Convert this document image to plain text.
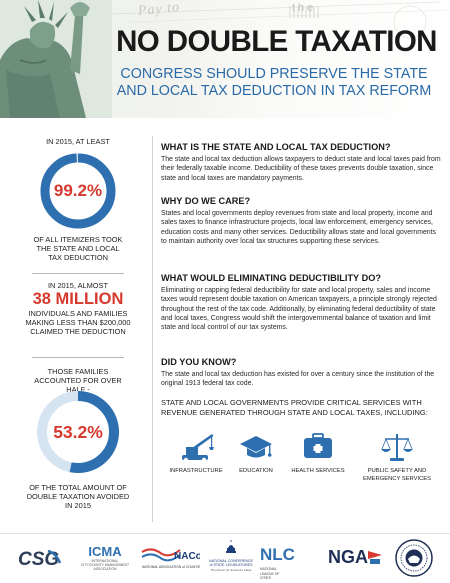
Pay to	the
NO DOUBLE TAXATION
CONGRESS SHOULD PRESERVE THE STATE
AND LOCAL TAX DEDUCTION IN TAX REFORM
IN 2015, AT LEAST
99.2%
OF ALL ITEMIZERS TOOK THE STATE AND LOCAL TAX DEDUCTION
IN 2015, ALMOST
38 MILLION
INDIVIDUALS AND FAMILIES MAKING LESS THAN $200,000 CLAIMED THE DEDUCTION
THOSE FAMILIES ACCOUNTED FOR OVER HALF -
53.2%
OF THE TOTAL AMOUNT OF DOUBLE TAXATION AVOIDED IN 2015
WHAT IS THE STATE AND LOCAL TAX DEDUCTION?

The state and local tax deduction allows taxpayers to deduct state and local taxes paid from their federally taxable income. Deductibility of these taxes prevents double taxation, since state and local taxes are mandatory payments.

WHY DO WE CARE?

States and local governments deploy revenues from state and local property, income and sales taxes to finance infrastructure projects, local law enforcement, emergency services, education costs and many other services. Deductibility allows state and local governments to maintain authority over local tax structures supporting these services.

WHAT WOULD ELIMINATING DEDUCTIBILITY DO?

Eliminating or capping federal deductibility for state and local property, sales and income taxes would represent double taxation on American taxpayers, a principle strongly rejected throughout the rest of the tax code. Additionally, by eliminating federal deductibility of state and local taxes, Congress would shift the intergovernmental balance of taxation and limit state and local control of our tax systems.

DID YOU KNOW?

The state and local tax deduction has existed for over a century since the institution of the original 1913 federal tax code.

STATE AND LOCAL GOVERNMENTS PROVIDE CRITICAL SERVICES WITH REVENUE GENERATED THROUGH STATE AND LOCAL TAXES, INCLUDING:
INFRASTRUCTURE	EDUCATION	HEALTH SERVICES	PUBLIC SAFETY AND EMERGENCY SERVICES
CSG	ICMA
INTERNATIONAL CITY/COUNTY MANAGEMENT ASSOCIATION
NACo
NATIONAL ASSOCIATION of COUNTIES
NATIONAL CONFERENCE
of STATE LEGISLATURES
The Forum for America's Ideas
NLC NATIONAL LEAGUE OF CITIES
NGA
